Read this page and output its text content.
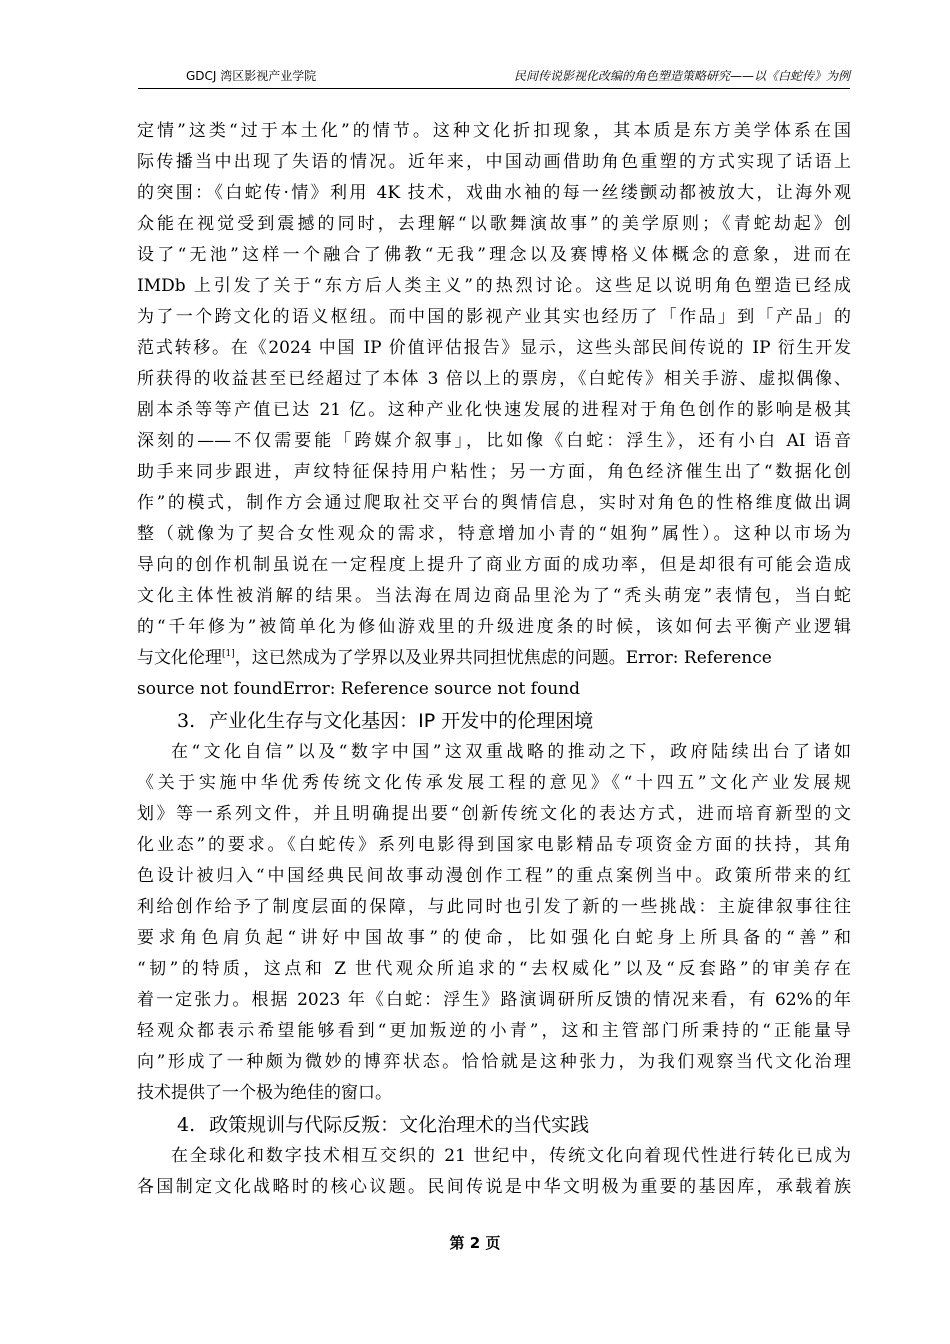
GDCJ 湾区影视产业学院	民间传说影视化改编的角色塑造策略研究——以《白蛇传》为例
定情”这类“过于本土化”的情节。这种文化折扣现象，其本质是东方美学体系在国
际传播当中出现了失语的情况。近年来，中国动画借助角色重塑的方式实现了话语上
的突围：《白蛇传·情》利用 4K 技术，戏曲水袖的每一丝缕颤动都被放大，让海外观
众能在视觉受到震撼的同时，去理解“以歌舞演故事”的美学原则；《青蛇劫起》创
设了“无池”这样一个融合了佛教“无我”理念以及赛博格义体概念的意象，进而在
IMDb 上引发了关于“东方后人类主义”的热烈讨论。这些足以说明角色塑造已经成
为了一个跨文化的语义枢纽。而中国的影视产业其实也经历了「作品」到「产品」的
范式转移。在《2024 中国 IP 价值评估报告》显示，这些头部民间传说的 IP 衍生开发
所获得的收益甚至已经超过了本体 3 倍以上的票房，《白蛇传》相关手游、虚拟偶像、
剧本杀等等产值已达 21 亿。这种产业化快速发展的进程对于角色创作的影响是极其
深刻的——不仅需要能「跨媒介叙事」，比如像《白蛇：浮生》，还有小白 AI 语音
助手来同步跟进，声纹特征保持用户粘性；另一方面，角色经济催生出了“数据化创
作”的模式，制作方会通过爬取社交平台的舆情信息，实时对角色的性格维度做出调
整（就像为了契合女性观众的需求，特意增加小青的“姐狗”属性）。这种以市场为
导向的创作机制虽说在一定程度上提升了商业方面的成功率，但是却很有可能会造成
文化主体性被消解的结果。当法海在周边商品里沦为了“秃头萌宠”表情包，当白蛇
的“千年修为”被简单化为修仙游戏里的升级进度条的时候，该如何去平衡产业逻辑
与文化伦理[1]，这已然成为了学界以及业界共同担忧焦虑的问题。Error: Reference
source not foundError: Reference source not found
3. 产业化生存与文化基因：IP 开发中的伦理困境
在“文化自信”以及“数字中国”这双重战略的推动之下，政府陆续出台了诸如
《关于实施中华优秀传统文化传承发展工程的意见》《“十四五”文化产业发展规
划》等一系列文件，并且明确提出要“创新传统文化的表达方式，进而培育新型的文
化业态”的要求。《白蛇传》系列电影得到国家电影精品专项资金方面的扶持，其角
色设计被归入“中国经典民间故事动漫创作工程”的重点案例当中。政策所带来的红
利给创作给予了制度层面的保障，与此同时也引发了新的一些挑战：主旋律叙事往往
要求角色肩负起“讲好中国故事”的使命，比如强化白蛇身上所具备的“善”和
“韧”的特质，这点和 Z 世代观众所追求的“去权威化”以及“反套路”的审美存在
着一定张力。根据 2023 年《白蛇：浮生》路演调研所反馈的情况来看，有 62%的年
轻观众都表示希望能够看到“更加叛逆的小青”，这和主管部门所秉持的“正能量导
向”形成了一种颇为微妙的博弈状态。恰恰就是这种张力，为我们观察当代文化治理
技术提供了一个极为绝佳的窗口。
4. 政策规训与代际反叛：文化治理术的当代实践
在全球化和数字技术相互交织的 21 世纪中，传统文化向着现代性进行转化已成为
各国制定文化战略时的核心议题。民间传说是中华文明极为重要的基因库，承载着族
第 2 页
